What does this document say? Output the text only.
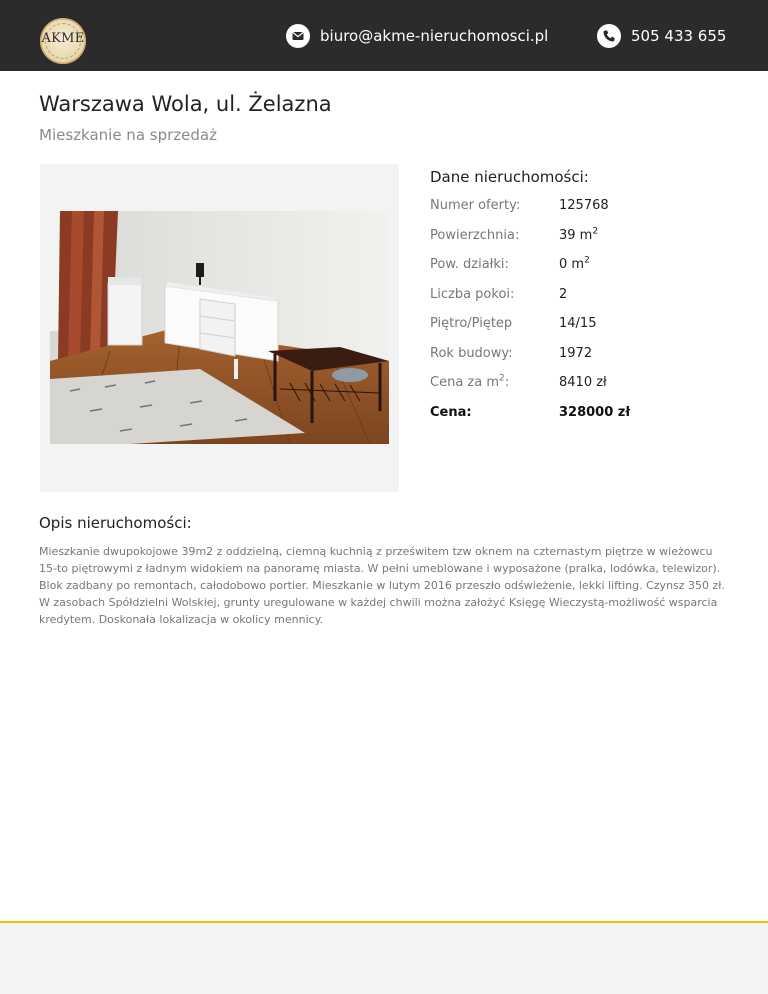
AKME	biuro@akme-nieruchomosci.pl	505 433 655
Warszawa Wola, ul. Żelazna
Mieszkanie na sprzedaż
Dane nieruchomości:
Numer oferty:	125768
Powierzchnia:	39 $m^2$
Pow. działki:	0 $m^2$
Liczba pokoi:	2
Piętro/Piętер	14/15
Rok budowy:	1972
Cena za $m^2$:	8410 zł
Cena:	328000 zł
Opis nieruchomości:
Mieszkanie dwupokojowe 39m2 z oddzielną, ciemną kuchnią z prześwitem tzw oknem na czternastym piętrze w wieżowcu 15-to piętrowymi z ładnym widokiem na panoramę miasta. W pełni umeblowane i wyposażone (pralka, lodówka, telewizor). Blok zadbany po remontach, całodobowo portier. Mieszkanie w lutym 2016 przeszło odświeżenie, lekki lifting. Czynsz 350 zł. W zasobach Spółdzielni Wolskiej, grunty uregulowane w każdej chwili można założyć Księgę Wieczystą-możliwość wsparcia kredytem. Doskonała lokalizacja w okolicy mennicy.
